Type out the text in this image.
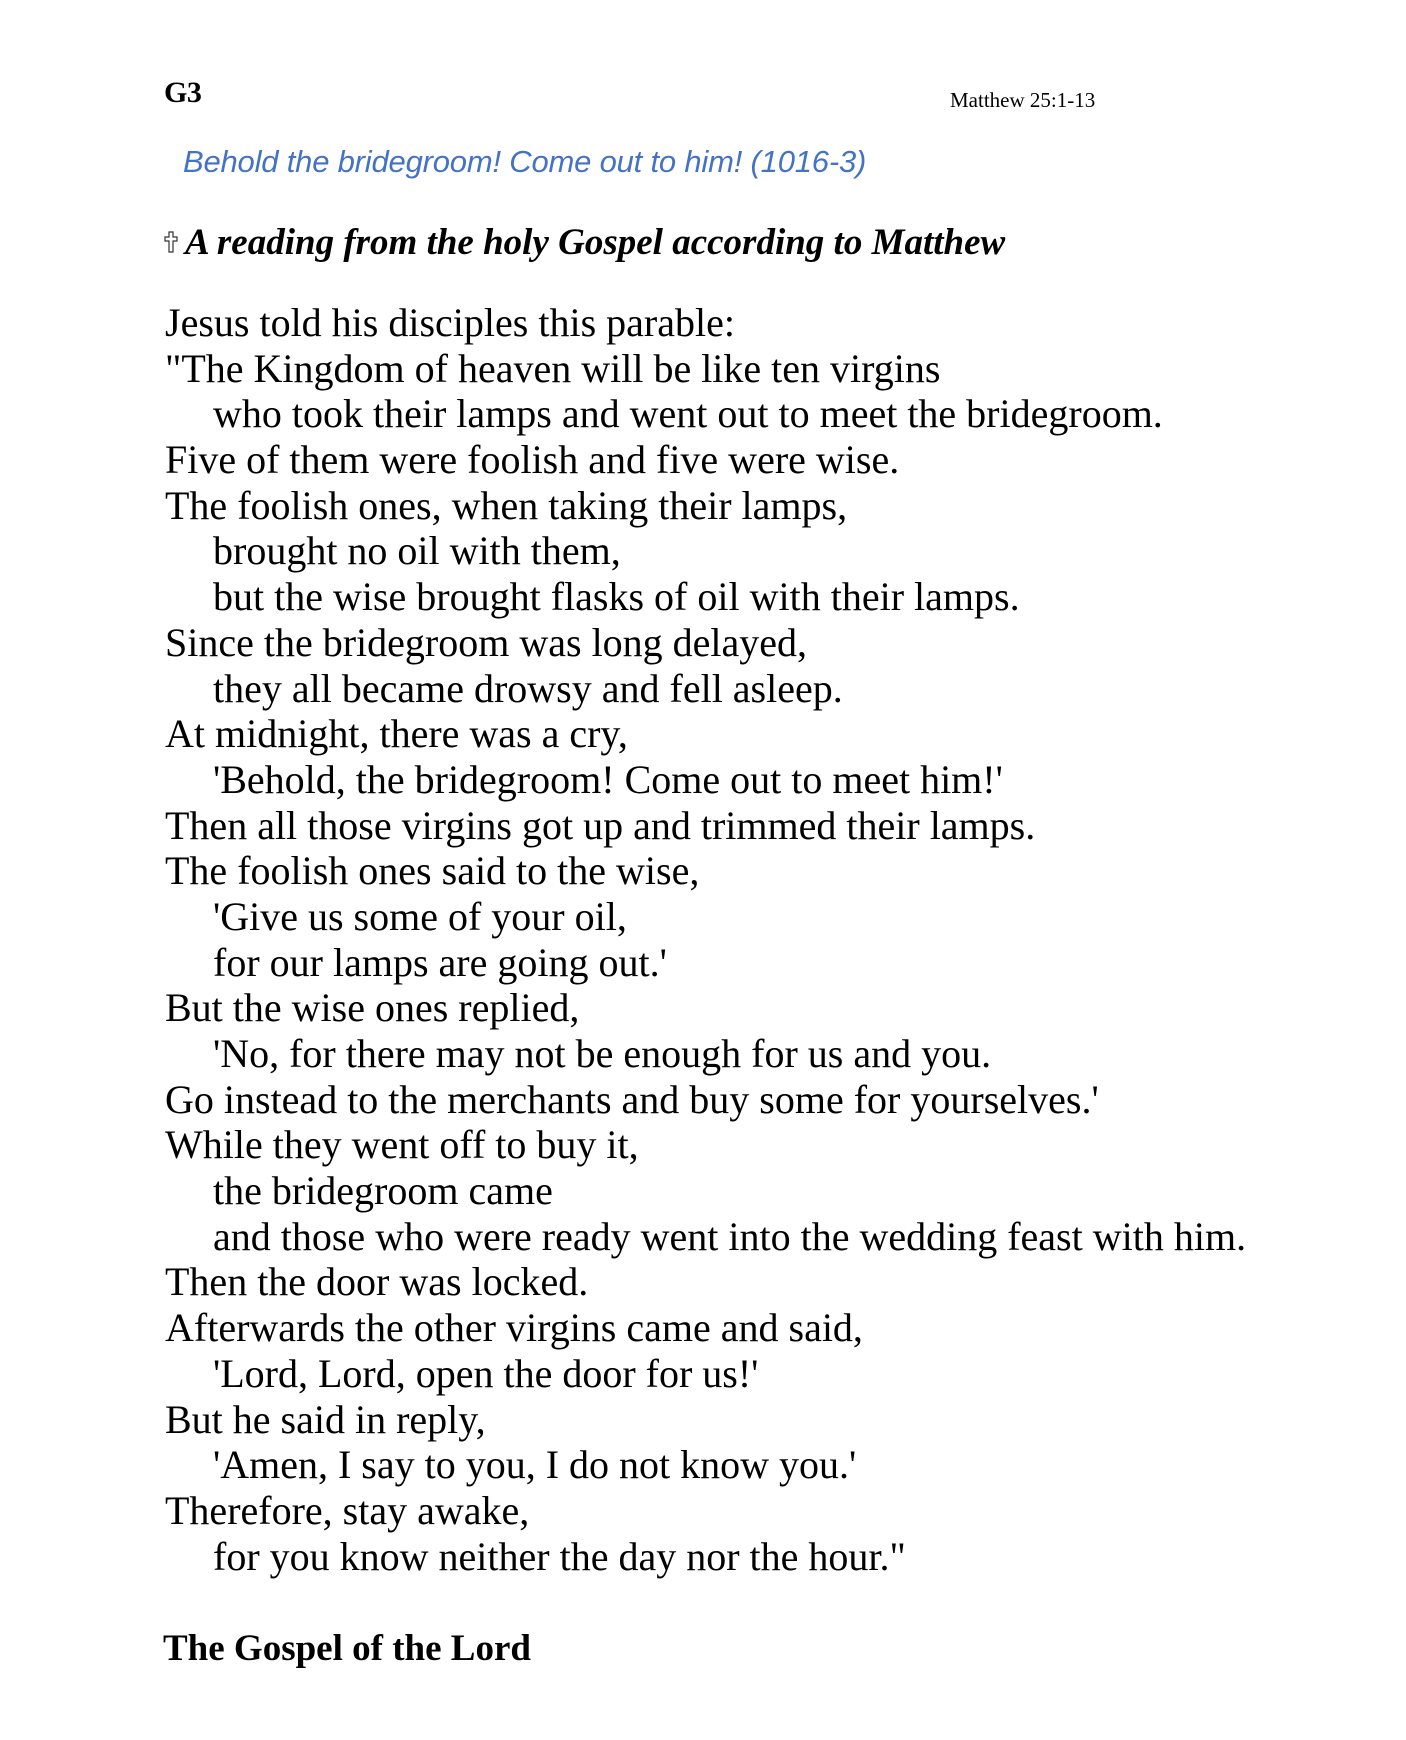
G3	Matthew 25:1-13
Behold the bridegroom! Come out to him! (1016-3)
A reading from the holy Gospel according to Matthew
Jesus told his disciples this parable:
"The Kingdom of heaven will be like ten virgins
who took their lamps and went out to meet the bridegroom.
Five of them were foolish and five were wise.
The foolish ones, when taking their lamps,
brought no oil with them,
but the wise brought flasks of oil with their lamps.
Since the bridegroom was long delayed,
they all became drowsy and fell asleep.
At midnight, there was a cry,
'Behold, the bridegroom! Come out to meet him!'
Then all those virgins got up and trimmed their lamps.
The foolish ones said to the wise,
'Give us some of your oil,
for our lamps are going out.'
But the wise ones replied,
'No, for there may not be enough for us and you.
Go instead to the merchants and buy some for yourselves.'
While they went off to buy it,
the bridegroom came
and those who were ready went into the wedding feast with him.
Then the door was locked.
Afterwards the other virgins came and said,
'Lord, Lord, open the door for us!'
But he said in reply,
'Amen, I say to you, I do not know you.'
Therefore, stay awake,
for you know neither the day nor the hour."
The Gospel of the Lord
